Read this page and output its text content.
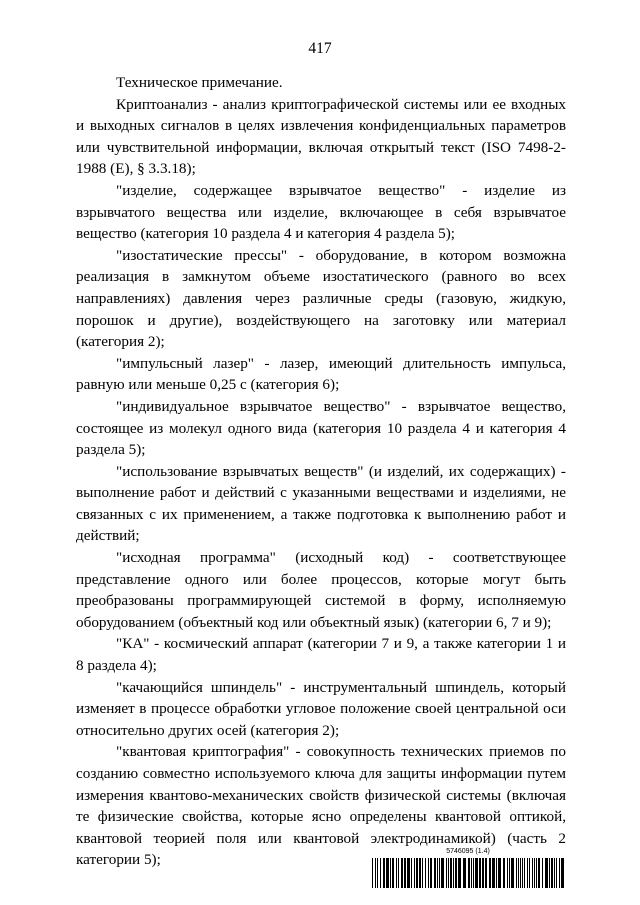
417

Техническое примечание.

Криптоанализ - анализ криптографической системы или ее входных и выходных сигналов в целях извлечения конфиденциальных параметров или чувствительной информации, включая открытый текст (ISO 7498-2-1988 (E), § 3.3.18);

"изделие, содержащее взрывчатое вещество" - изделие из взрывчатого вещества или изделие, включающее в себя взрывчатое вещество (категория 10 раздела 4 и категория 4 раздела 5);

"изостатические прессы" - оборудование, в котором возможна реализация в замкнутом объеме изостатического (равного во всех направлениях) давления через различные среды (газовую, жидкую, порошок и другие), воздействующего на заготовку или материал (категория 2);

"импульсный лазер" - лазер, имеющий длительность импульса, равную или меньше 0,25 с (категория 6);

"индивидуальное взрывчатое вещество" - взрывчатое вещество, состоящее из молекул одного вида (категория 10 раздела 4 и категория 4 раздела 5);

"использование взрывчатых веществ" (и изделий, их содержащих) - выполнение работ и действий с указанными веществами и изделиями, не связанных с их применением, а также подготовка к выполнению работ и действий;

"исходная программа" (исходный код) - соответствующее представление одного или более процессов, которые могут быть преобразованы программирующей системой в форму, исполняемую оборудованием (объектный код или объектный язык) (категории 6, 7 и 9);

"КА" - космический аппарат (категории 7 и 9, а также категории 1 и 8 раздела 4);

"качающийся шпиндель" - инструментальный шпиндель, который изменяет в процессе обработки угловое положение своей центральной оси относительно других осей (категория 2);

"квантовая криптография" - совокупность технических приемов по созданию совместно используемого ключа для защиты информации путем измерения квантово-механических свойств физической системы (включая те физические свойства, которые ясно определены квантовой оптикой, квантовой теорией поля или квантовой электродинамикой) (часть 2 категории 5);	5746095 (1.4)
